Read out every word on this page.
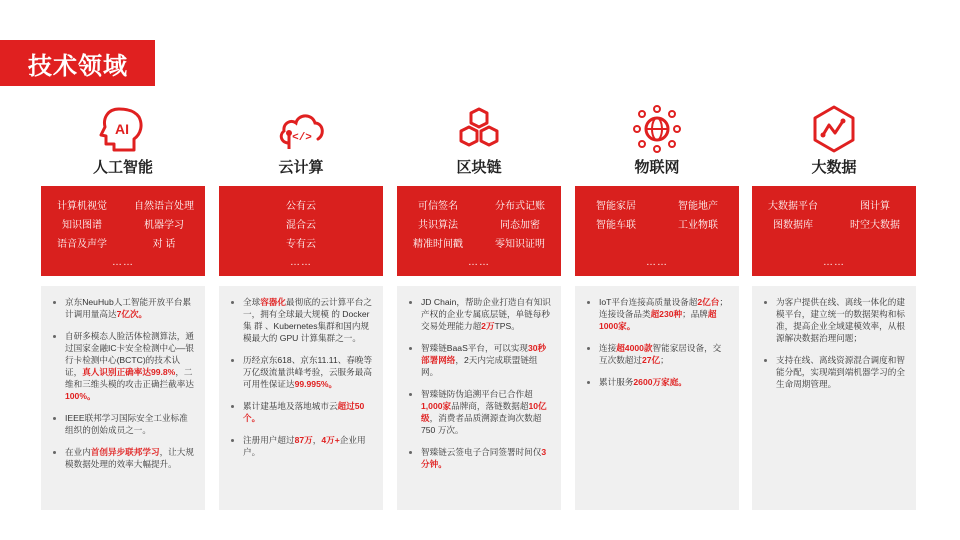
技术领域
AI
人工智能
计算机视觉	自然语言处理
知识图谱	机器学习
语音及声学	对 话
……
• 京东NeuHub人工智能开放平台累计调用量高达7亿次。
• 自研多模态人脸活体检测算法，通过国家金融IC卡安全检测中心—银行卡检测中心(BCTC)的技术认证，真人识别正确率达99.8%，二维和三维头模的攻击正确拦截率达100%。
• IEEE联邦学习国际安全工业标准组织的创始成员之一。
• 在业内首创异步联邦学习，让大规模数据处理的效率大幅提升。
</>
云计算
公有云
混合云
专有云
……
• 全球容器化最彻底的云计算平台之一，拥有全球最大规模 的 Docker 集 群 、Kubernetes集群和国内规模最大的 GPU 计算集群之一。
• 历经京东618、京东11.11、春晚等万亿级流量洪峰考验，云服务最高可用性保证达99.995%。
• 累计建基地及落地城市云超过50个。
• 注册用户超过87万，4万+企业用户。
区块链
可信签名	分布式记账
共识算法	同态加密
精准时间戳	零知识证明
……
• JD Chain，帮助企业打造自有知识产权的企业专属底层链，单链每秒交易处理能力超2万TPS。
• 智臻链BaaS平台，可以实现30秒部署网络，2天内完成联盟链组网。
• 智臻链防伪追溯平台已合作超1,000家品牌商，落链数据超10亿级，消费者品质溯源查询次数超750 万次。
• 智臻链云签电子合同签署时间仅3分钟。
物联网
智能家居	智能地产
智能车联	工业物联
……
• IoT平台连接高质量设备超2亿台；连接设备品类超230种；品牌超1000家。
• 连接超4000款智能家居设备，交互次数超过27亿；
• 累计服务2600万家庭。
大数据
大数据平台	图计算
图数据库	时空大数据
……
• 为客户提供在线、离线一体化的建模平台，建立统一的数据架构和标准，提高企业全域建模效率，从根源解决数据治理问题；
• 支持在线、离线资源混合调度和智能分配，实现端到端机器学习的全生命周期管理。
